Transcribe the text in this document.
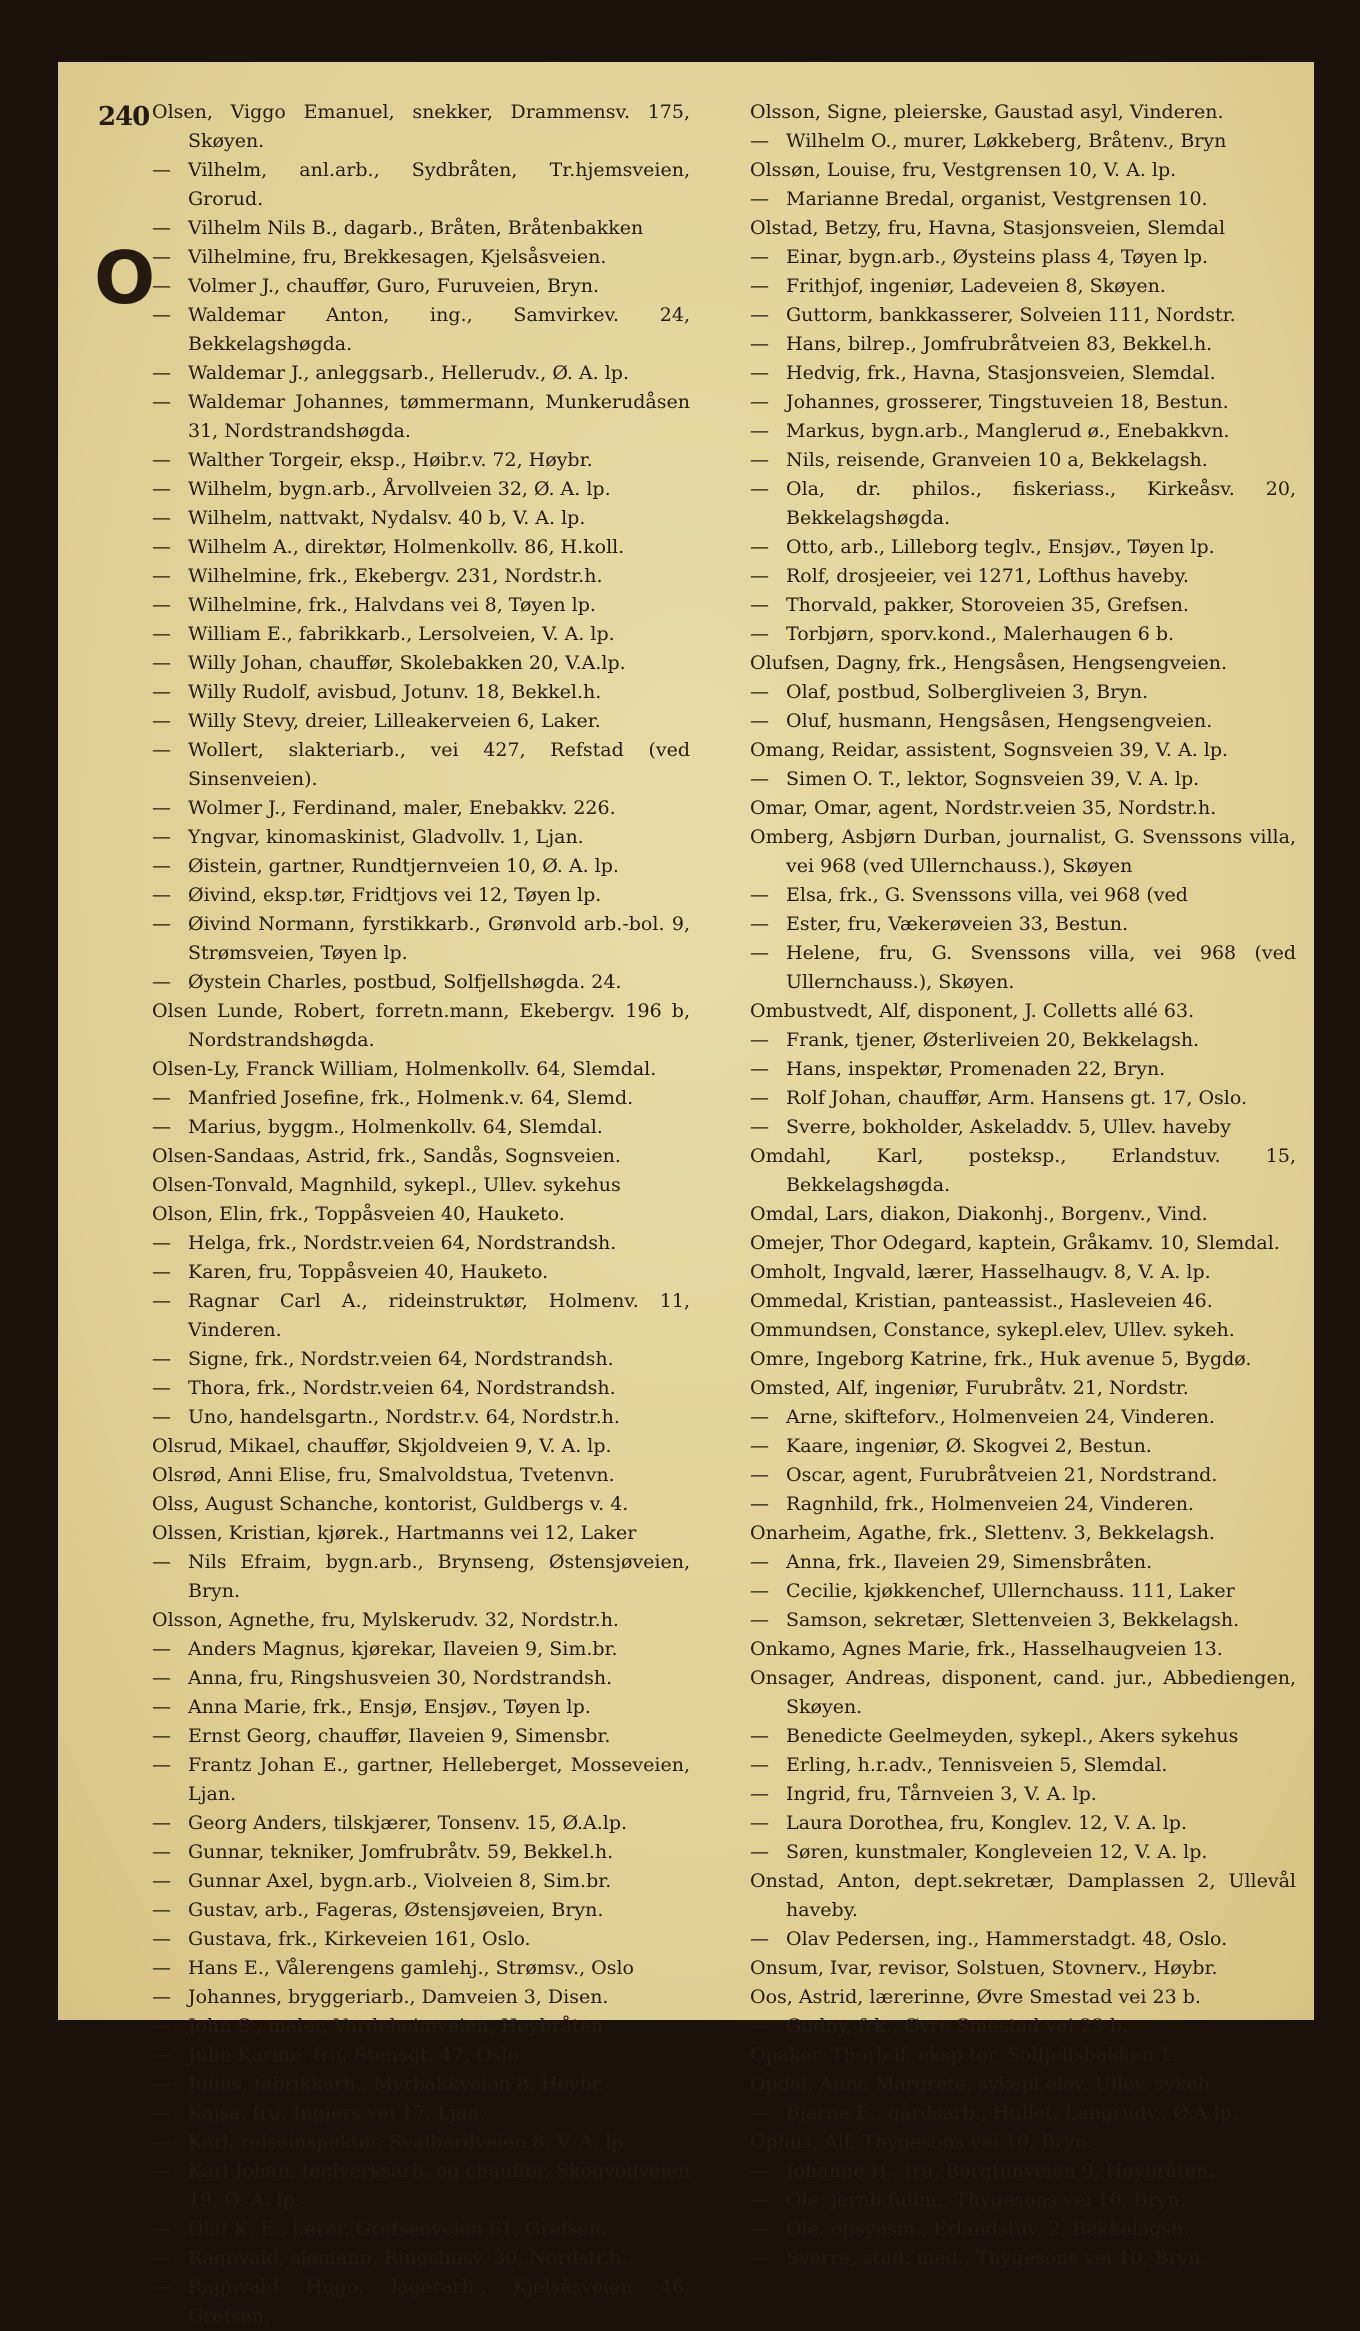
240
O
Olsen, Viggo Emanuel, snekker, Drammensv. 175, Skøyen.
— Vilhelm, anl.arb., Sydbråten, Tr.hjemsveien, Grorud.
— Vilhelm Nils B., dagarb., Bråten, Bråtenbakken
— Vilhelmine, fru, Brekkesagen, Kjelsåsveien.
— Volmer J., chauffør, Guro, Furuveien, Bryn.
— Waldemar Anton, ing., Samvirkev. 24, Bekkelagshøgda.
— Waldemar J., anleggsarb., Hellerudv., Ø. A. lp.
— Waldemar Johannes, tømmermann, Munkerudåsen 31, Nordstrandshøgda.
— Walther Torgeir, eksp., Høibr.v. 72, Høybr.
— Wilhelm, bygn.arb., Årvollveien 32, Ø. A. lp.
— Wilhelm, nattvakt, Nydalsv. 40 b, V. A. lp.
— Wilhelm A., direktør, Holmenkollv. 86, H.koll.
— Wilhelmine, frk., Ekebergv. 231, Nordstr.h.
— Wilhelmine, frk., Halvdans vei 8, Tøyen lp.
— William E., fabrikkarb., Lersolveien, V. A. lp.
— Willy Johan, chauffør, Skolebakken 20, V.A.lp.
— Willy Rudolf, avisbud, Jotunv. 18, Bekkel.h.
— Willy Stevy, dreier, Lilleakerveien 6, Laker.
— Wollert, slakteriarb., vei 427, Refstad (ved Sinsenveien).
— Wolmer J., Ferdinand, maler, Enebakkv. 226.
— Yngvar, kinomaskinist, Gladvollv. 1, Ljan.
— Øistein, gartner, Rundtjernveien 10, Ø. A. lp.
— Øivind, eksp.tør, Fridtjovs vei 12, Tøyen lp.
— Øivind Normann, fyrstikkarb., Grønvold arb.-bol. 9, Strømsveien, Tøyen lp.
— Øystein Charles, postbud, Solfjellshøgda. 24.
Olsen Lunde, Robert, forretn.mann, Ekebergv. 196 b, Nordstrandshøgda.
Olsen-Ly, Franck William, Holmenkollv. 64, Slemdal.
— Manfried Josefine, frk., Holmenk.v. 64, Slemd.
— Marius, byggm., Holmenkollv. 64, Slemdal.
Olsen-Sandaas, Astrid, frk., Sandås, Sognsveien.
Olsen-Tonvald, Magnhild, sykepl., Ullev. sykehus
Olson, Elin, frk., Toppåsveien 40, Hauketo.
— Helga, frk., Nordstr.veien 64, Nordstrandsh.
— Karen, fru, Toppåsveien 40, Hauketo.
— Ragnar Carl A., rideinstruktør, Holmenv. 11, Vinderen.
— Signe, frk., Nordstr.veien 64, Nordstrandsh.
— Thora, frk., Nordstr.veien 64, Nordstrandsh.
— Uno, handelsgartn., Nordstr.v. 64, Nordstr.h.
Olsrud, Mikael, chauffør, Skjoldveien 9, V. A. lp.
Olsrød, Anni Elise, fru, Smalvoldstua, Tvetenvn.
Olss, August Schanche, kontorist, Guldbergs v. 4.
Olssen, Kristian, kjørek., Hartmanns vei 12, Laker
— Nils Efraim, bygn.arb., Brynseng, Østensjøveien, Bryn.
Olsson, Agnethe, fru, Mylskerudv. 32, Nordstr.h.
— Anders Magnus, kjørekar, Ilaveien 9, Sim.br.
— Anna, fru, Ringshusveien 30, Nordstrandsh.
— Anna Marie, frk., Ensjø, Ensjøv., Tøyen lp.
— Ernst Georg, chauffør, Ilaveien 9, Simensbr.
— Frantz Johan E., gartner, Helleberget, Mosseveien, Ljan.
— Georg Anders, tilskjærer, Tonsenv. 15, Ø.A.lp.
— Gunnar, tekniker, Jomfrubråtv. 59, Bekkel.h.
— Gunnar Axel, bygn.arb., Violveien 8, Sim.br.
— Gustav, arb., Fageras, Østensjøveien, Bryn.
— Gustava, frk., Kirkeveien 161, Oslo.
— Hans E., Vålerengens gamlehj., Strømsv., Oslo
— Johannes, bryggeriarb., Damveien 3, Disen.
— John S., maler, Vardeheimveien, Høybråten.
— Julie Karine, fru, Stensgt. 47, Oslo.
— Julius, fabrikkarb., Myrbakkveien 8, Høybr.
— Kajsa, fru, Ingiers vei 17, Ljan.
— Karl, reiseinspektør, Svalbardveien 8, V. A. lp.
— Karl Johan, teglverksarb. og chauffør, Skogvollveien 19, Ø. A. lp.
— Olaf K. E., lærer, Grefsenveien 61, Grefsen.
— Ragnvald, sjømann, Ringshusv. 30, Nordstr.h.
— Ragnvald Hugo, lagerarb., Kjelsåsveien 46, Grefsen.
Olsson, Signe, pleierske, Gaustad asyl, Vinderen.
— Wilhelm O., murer, Løkkeberg, Bråtenv., Bryn
Olssøn, Louise, fru, Vestgrensen 10, V. A. lp.
— Marianne Bredal, organist, Vestgrensen 10.
Olstad, Betzy, fru, Havna, Stasjonsveien, Slemdal
— Einar, bygn.arb., Øysteins plass 4, Tøyen lp.
— Frithjof, ingeniør, Ladeveien 8, Skøyen.
— Guttorm, bankkasserer, Solveien 111, Nordstr.
— Hans, bilrep., Jomfrubråtveien 83, Bekkel.h.
— Hedvig, frk., Havna, Stasjonsveien, Slemdal.
— Johannes, grosserer, Tingstuveien 18, Bestun.
— Markus, bygn.arb., Manglerud ø., Enebakkvn.
— Nils, reisende, Granveien 10 a, Bekkelagsh.
— Ola, dr. philos., fiskeriass., Kirkeåsv. 20, Bekkelagshøgda.
— Otto, arb., Lilleborg teglv., Ensjøv., Tøyen lp.
— Rolf, drosjeeier, vei 1271, Lofthus haveby.
— Thorvald, pakker, Storoveien 35, Grefsen.
— Torbjørn, sporv.kond., Malerhaugen 6 b.
Olufsen, Dagny, frk., Hengsåsen, Hengsengveien.
— Olaf, postbud, Solbergliveien 3, Bryn.
— Oluf, husmann, Hengsåsen, Hengsengveien.
Omang, Reidar, assistent, Sognsveien 39, V. A. lp.
— Simen O. T., lektor, Sognsveien 39, V. A. lp.
Omar, Omar, agent, Nordstr.veien 35, Nordstr.h.
Omberg, Asbjørn Durban, journalist, G. Svenssons villa, vei 968 (ved Ullernchauss.), Skøyen
— Elsa, frk., G. Svenssons villa, vei 968 (ved
— Ester, fru, Vækerøveien 33, Bestun.
— Helene, fru, G. Svenssons villa, vei 968 (ved Ullernchauss.), Skøyen.
Ombustvedt, Alf, disponent, J. Colletts allé 63.
— Frank, tjener, Østerliveien 20, Bekkelagsh.
— Hans, inspektør, Promenaden 22, Bryn.
— Rolf Johan, chauffør, Arm. Hansens gt. 17, Oslo.
— Sverre, bokholder, Askeladdv. 5, Ullev. haveby
Omdahl, Karl, posteksp., Erlandstuv. 15, Bekkelagshøgda.
Omdal, Lars, diakon, Diakonhj., Borgenv., Vind.
Omejer, Thor Odegard, kaptein, Gråkamv. 10, Slemdal.
Omholt, Ingvald, lærer, Hasselhaugv. 8, V. A. lp.
Ommedal, Kristian, panteassist., Hasleveien 46.
Ommundsen, Constance, sykepl.elev, Ullev. sykeh.
Omre, Ingeborg Katrine, frk., Huk avenue 5, Bygdø.
Omsted, Alf, ingeniør, Furubråtv. 21, Nordstr.
— Arne, skifteforv., Holmenveien 24, Vinderen.
— Kaare, ingeniør, Ø. Skogvei 2, Bestun.
— Oscar, agent, Furubråtveien 21, Nordstrand.
— Ragnhild, frk., Holmenveien 24, Vinderen.
Onarheim, Agathe, frk., Slettenv. 3, Bekkelagsh.
— Anna, frk., Ilaveien 29, Simensbråten.
— Cecilie, kjøkkenchef, Ullernchauss. 111, Laker
— Samson, sekretær, Slettenveien 3, Bekkelagsh.
Onkamo, Agnes Marie, frk., Hasselhaugveien 13.
Onsager, Andreas, disponent, cand. jur., Abbediengen, Skøyen.
— Benedicte Geelmeyden, sykepl., Akers sykehus
— Erling, h.r.adv., Tennisveien 5, Slemdal.
— Ingrid, fru, Tårnveien 3, V. A. lp.
— Laura Dorothea, fru, Konglev. 12, V. A. lp.
— Søren, kunstmaler, Kongleveien 12, V. A. lp.
Onstad, Anton, dept.sekretær, Damplassen 2, Ullevål haveby.
— Olav Pedersen, ing., Hammerstadgt. 48, Oslo.
Onsum, Ivar, revisor, Solstuen, Stovnerv., Høybr.
Oos, Astrid, lærerinne, Øvre Smestad vei 23 b.
— Gudny, frk., Øvre Smestad vei 23 b.
Opaker, Thorleif, eksp.tør, Solfjellsbakken 1.
Opdal, Anne Margrete, sykepl.elev, Ullev. sykeh.
— Bjarne E., gårdsarb., Hullet, Langrudv., Ø.A.lp.
Ophus, Alf, Thygesons vei 10, Bryn.
— Johanne H., fru, Bergtunveien 9, Høybråten.
— Ole, jernb.fullm., Thygesons vei 10, Bryn.
— Ole, opsynsm., Erlandstuv. 2, Bekkelagsh.
— Sverre, stud. med., Thygesons vei 10, Bryn.
